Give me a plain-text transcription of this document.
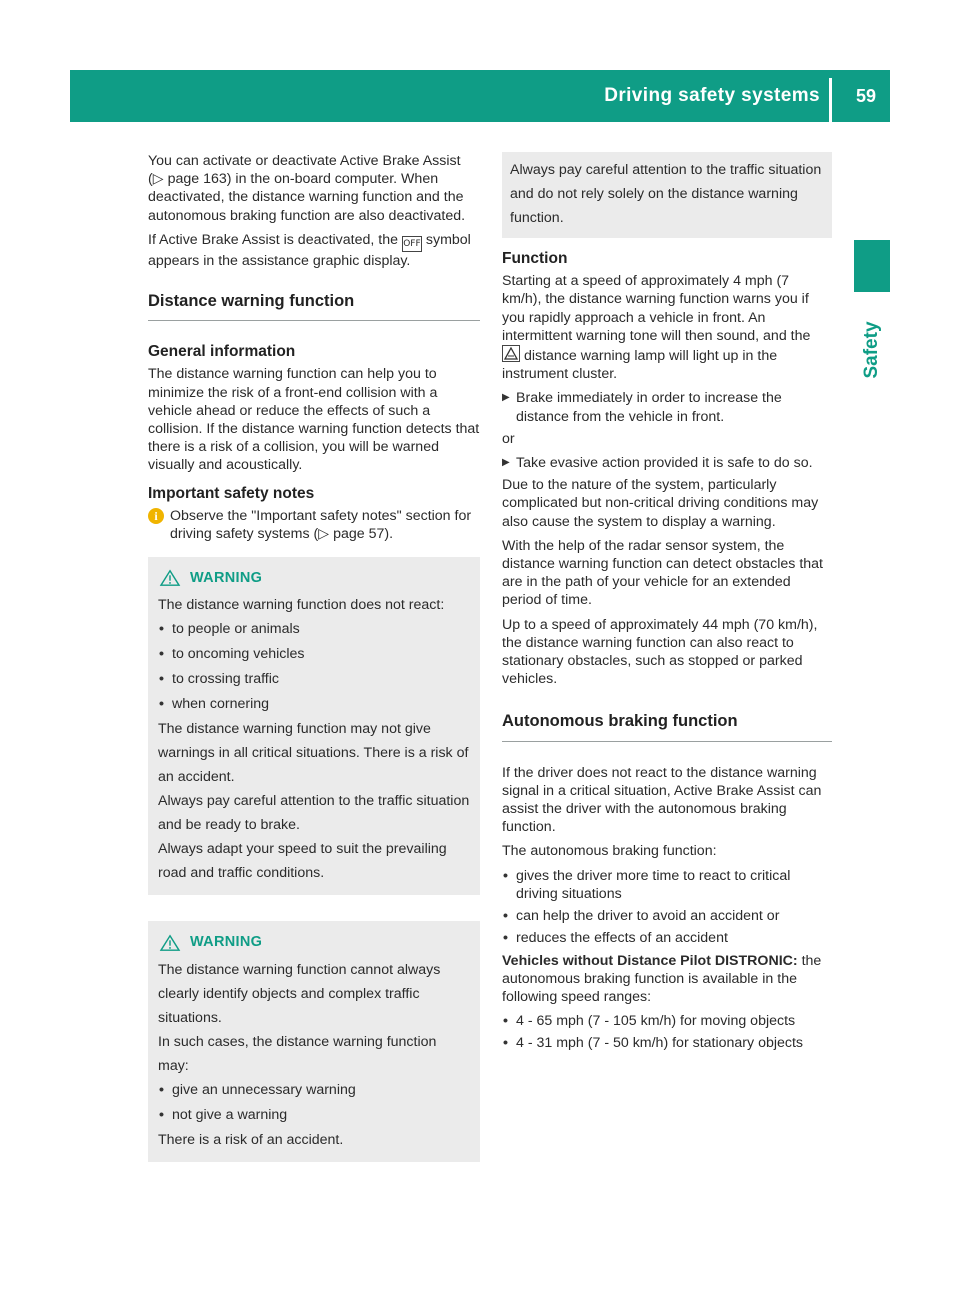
Driving safety systems 59
Safety

You can activate or deactivate Active Brake Assist (▷ page 163) in the on-board computer. When deactivated, the distance warning function and the autonomous braking function are also deactivated.

If Active Brake Assist is deactivated, the OFF symbol appears in the assistance graphic display.

Distance warning function
General information

The distance warning function can help you to minimize the risk of a front-end collision with a vehicle ahead or reduce the effects of such a collision. If the distance warning function detects that there is a risk of a collision, you will be warned visually and acoustically.

Important safety notes
i Observe the "Important safety notes" section for driving safety systems (▷ page 57).
WARNING

The distance warning function does not react:

• to people or animals
• to oncoming vehicles
• to crossing traffic
• when cornering

The distance warning function may not give warnings in all critical situations. There is a risk of an accident.

Always pay careful attention to the traffic situation and be ready to brake.

Always adapt your speed to suit the prevailing road and traffic conditions.

WARNING

The distance warning function cannot always clearly identify objects and complex traffic situations.

In such cases, the distance warning function may:

• give an unnecessary warning
• not give a warning

There is a risk of an accident.

Always pay careful attention to the traffic situation and do not rely solely on the distance warning function.

Function

Starting at a speed of approximately 4 mph (7 km/h), the distance warning function warns you if you rapidly approach a vehicle in front. An intermittent warning tone will then sound, and the  distance warning lamp will light up in the instrument cluster.

▶ Brake immediately in order to increase the distance from the vehicle in front.

or

▶ Take evasive action provided it is safe to do so.

Due to the nature of the system, particularly complicated but non-critical driving conditions may also cause the system to display a warning.

With the help of the radar sensor system, the distance warning function can detect obstacles that are in the path of your vehicle for an extended period of time.

Up to a speed of approximately 44 mph (70 km/h), the distance warning function can also react to stationary obstacles, such as stopped or parked vehicles.

Autonomous braking function

If the driver does not react to the distance warning signal in a critical situation, Active Brake Assist can assist the driver with the autonomous braking function.

The autonomous braking function:

• gives the driver more time to react to critical driving situations
• can help the driver to avoid an accident or
• reduces the effects of an accident

Vehicles without Distance Pilot DISTRONIC: the autonomous braking function is available in the following speed ranges:

• 4 - 65 mph (7 - 105 km/h) for moving objects
• 4 - 31 mph (7 - 50 km/h) for stationary objects
